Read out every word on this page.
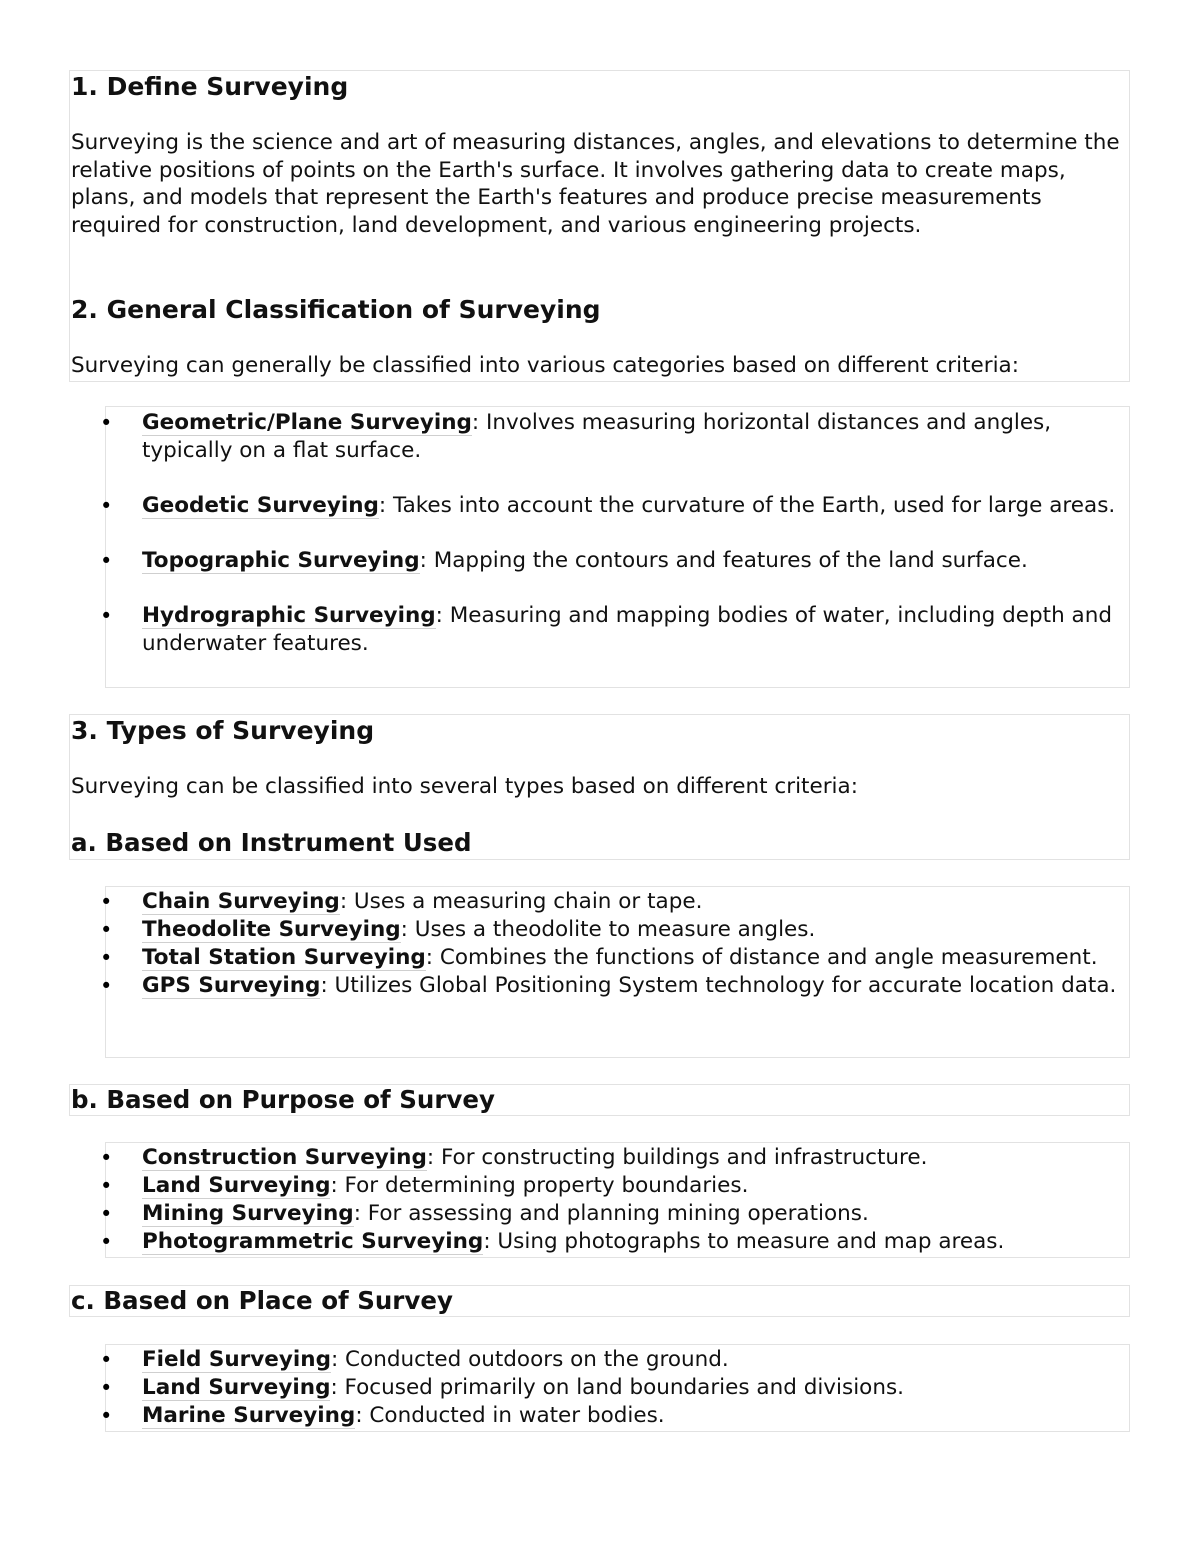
1. Define Surveying

Surveying is the science and art of measuring distances, angles, and elevations to determine the relative positions of points on the Earth's surface. It involves gathering data to create maps, plans, and models that represent the Earth's features and produce precise measurements required for construction, land development, and various engineering projects.

2. General Classification of Surveying

Surveying can generally be classified into various categories based on different criteria:

• Geometric/Plane Surveying: Involves measuring horizontal distances and angles, typically on a flat surface.
• Geodetic Surveying: Takes into account the curvature of the Earth, used for large areas.
• Topographic Surveying: Mapping the contours and features of the land surface.
• Hydrographic Surveying: Measuring and mapping bodies of water, including depth and underwater features.
3. Types of Surveying

Surveying can be classified into several types based on different criteria:

a. Based on Instrument Used
• Chain Surveying: Uses a measuring chain or tape.
• Theodolite Surveying: Uses a theodolite to measure angles.
• Total Station Surveying: Combines the functions of distance and angle measurement.
• GPS Surveying: Utilizes Global Positioning System technology for accurate location data.
b. Based on Purpose of Survey
• Construction Surveying: For constructing buildings and infrastructure.
• Land Surveying: For determining property boundaries.
• Mining Surveying: For assessing and planning mining operations.
• Photogrammetric Surveying: Using photographs to measure and map areas.
c. Based on Place of Survey
• Field Surveying: Conducted outdoors on the ground.
• Land Surveying: Focused primarily on land boundaries and divisions.
• Marine Surveying: Conducted in water bodies.
